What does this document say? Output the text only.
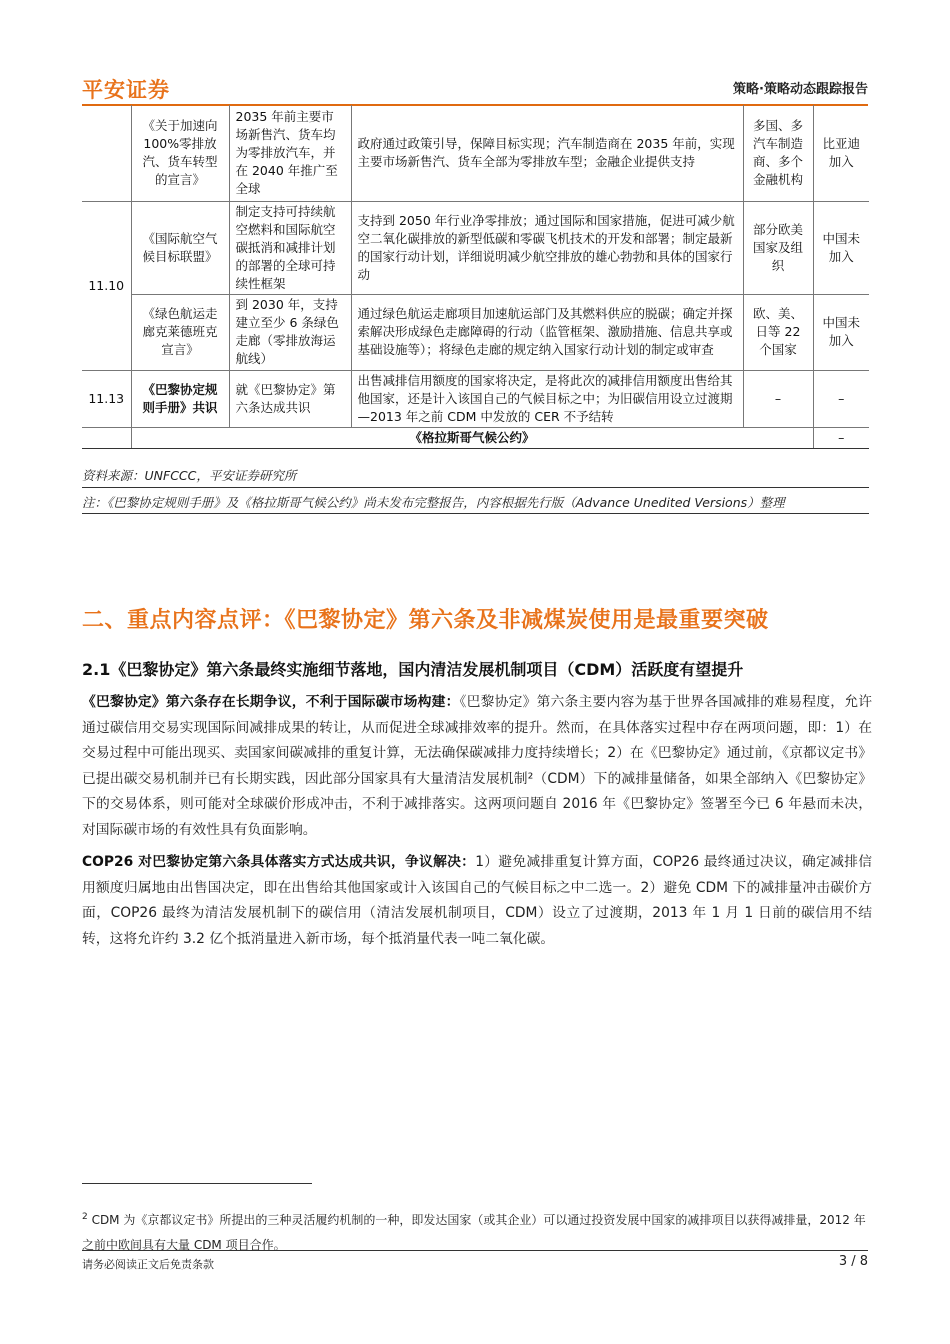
平安证券	策略·策略动态跟踪报告
	《关于加速向100%零排放汽、货车转型的宣言》	2035 年前主要市场新售汽、货车均为零排放汽车，并在 2040 年推广至全球	政府通过政策引导，保障目标实现；汽车制造商在 2035 年前，实现主要市场新售汽、货车全部为零排放车型；金融企业提供支持	多国、多汽车制造商、多个金融机构	比亚迪加入
11.10	《国际航空气候目标联盟》	制定支持可持续航空燃料和国际航空碳抵消和减排计划的部署的全球可持续性框架	支持到 2050 年行业净零排放；通过国际和国家措施，促进可减少航空二氧化碳排放的新型低碳和零碳飞机技术的开发和部署；制定最新的国家行动计划，详细说明减少航空排放的雄心勃勃和具体的国家行动	部分欧美国家及组织	中国未加入
	《绿色航运走廊克莱德班克宣言》	到 2030 年，支持建立至少 6 条绿色走廊（零排放海运航线）	通过绿色航运走廊项目加速航运部门及其燃料供应的脱碳；确定并探索解决形成绿色走廊障碍的行动（监管框架、激励措施、信息共享或基础设施等）；将绿色走廊的规定纳入国家行动计划的制定或审查	欧、美、日等 22 个国家	中国未加入
11.13	《巴黎协定规则手册》共识	就《巴黎协定》第六条达成共识	出售减排信用额度的国家将决定，是将此次的减排信用额度出售给其他国家，还是计入该国自己的气候目标之中；为旧碳信用设立过渡期—2013 年之前 CDM 中发放的 CER 不予结转	–	–
	《格拉斯哥气候公约》				–
资料来源：UNFCCC，平安证券研究所
注：《巴黎协定规则手册》及《格拉斯哥气候公约》尚未发布完整报告，内容根据先行版（Advance Unedited Versions）整理
二、重点内容点评：《巴黎协定》第六条及非减煤炭使用是最重要突破
2.1《巴黎协定》第六条最终实施细节落地，国内清洁发展机制项目（CDM）活跃度有望提升
《巴黎协定》第六条存在长期争议，不利于国际碳市场构建：《巴黎协定》第六条主要内容为基于世界各国减排的难易程度，允许通过碳信用交易实现国际间减排成果的转让，从而促进全球减排效率的提升。然而，在具体落实过程中存在两项问题，即：1）在交易过程中可能出现买、卖国家间碳减排的重复计算，无法确保碳减排力度持续增长；2）在《巴黎协定》通过前，《京都议定书》已提出碳交易机制并已有长期实践，因此部分国家具有大量清洁发展机制²（CDM）下的减排量储备，如果全部纳入《巴黎协定》下的交易体系，则可能对全球碳价形成冲击，不利于减排落实。这两项问题自 2016 年《巴黎协定》签署至今已 6 年悬而未决，对国际碳市场的有效性具有负面影响。
COP26 对巴黎协定第六条具体落实方式达成共识，争议解决：1）避免减排重复计算方面，COP26 最终通过决议，确定减排信用额度归属地由出售国决定，即在出售给其他国家或计入该国自己的气候目标之中二选一。2）避免 CDM 下的减排量冲击碳价方面，COP26 最终为清洁发展机制下的碳信用（清洁发展机制项目，CDM）设立了过渡期，2013 年 1 月 1 日前的碳信用不结转，这将允许约 3.2 亿个抵消量进入新市场，每个抵消量代表一吨二氧化碳。
$^2$ CDM 为《京都议定书》所提出的三种灵活履约机制的一种，即发达国家（或其企业）可以通过投资发展中国家的减排项目以获得减排量，2012 年之前中欧间具有大量 CDM 项目合作。
请务必阅读正文后免责条款	3 / 8
